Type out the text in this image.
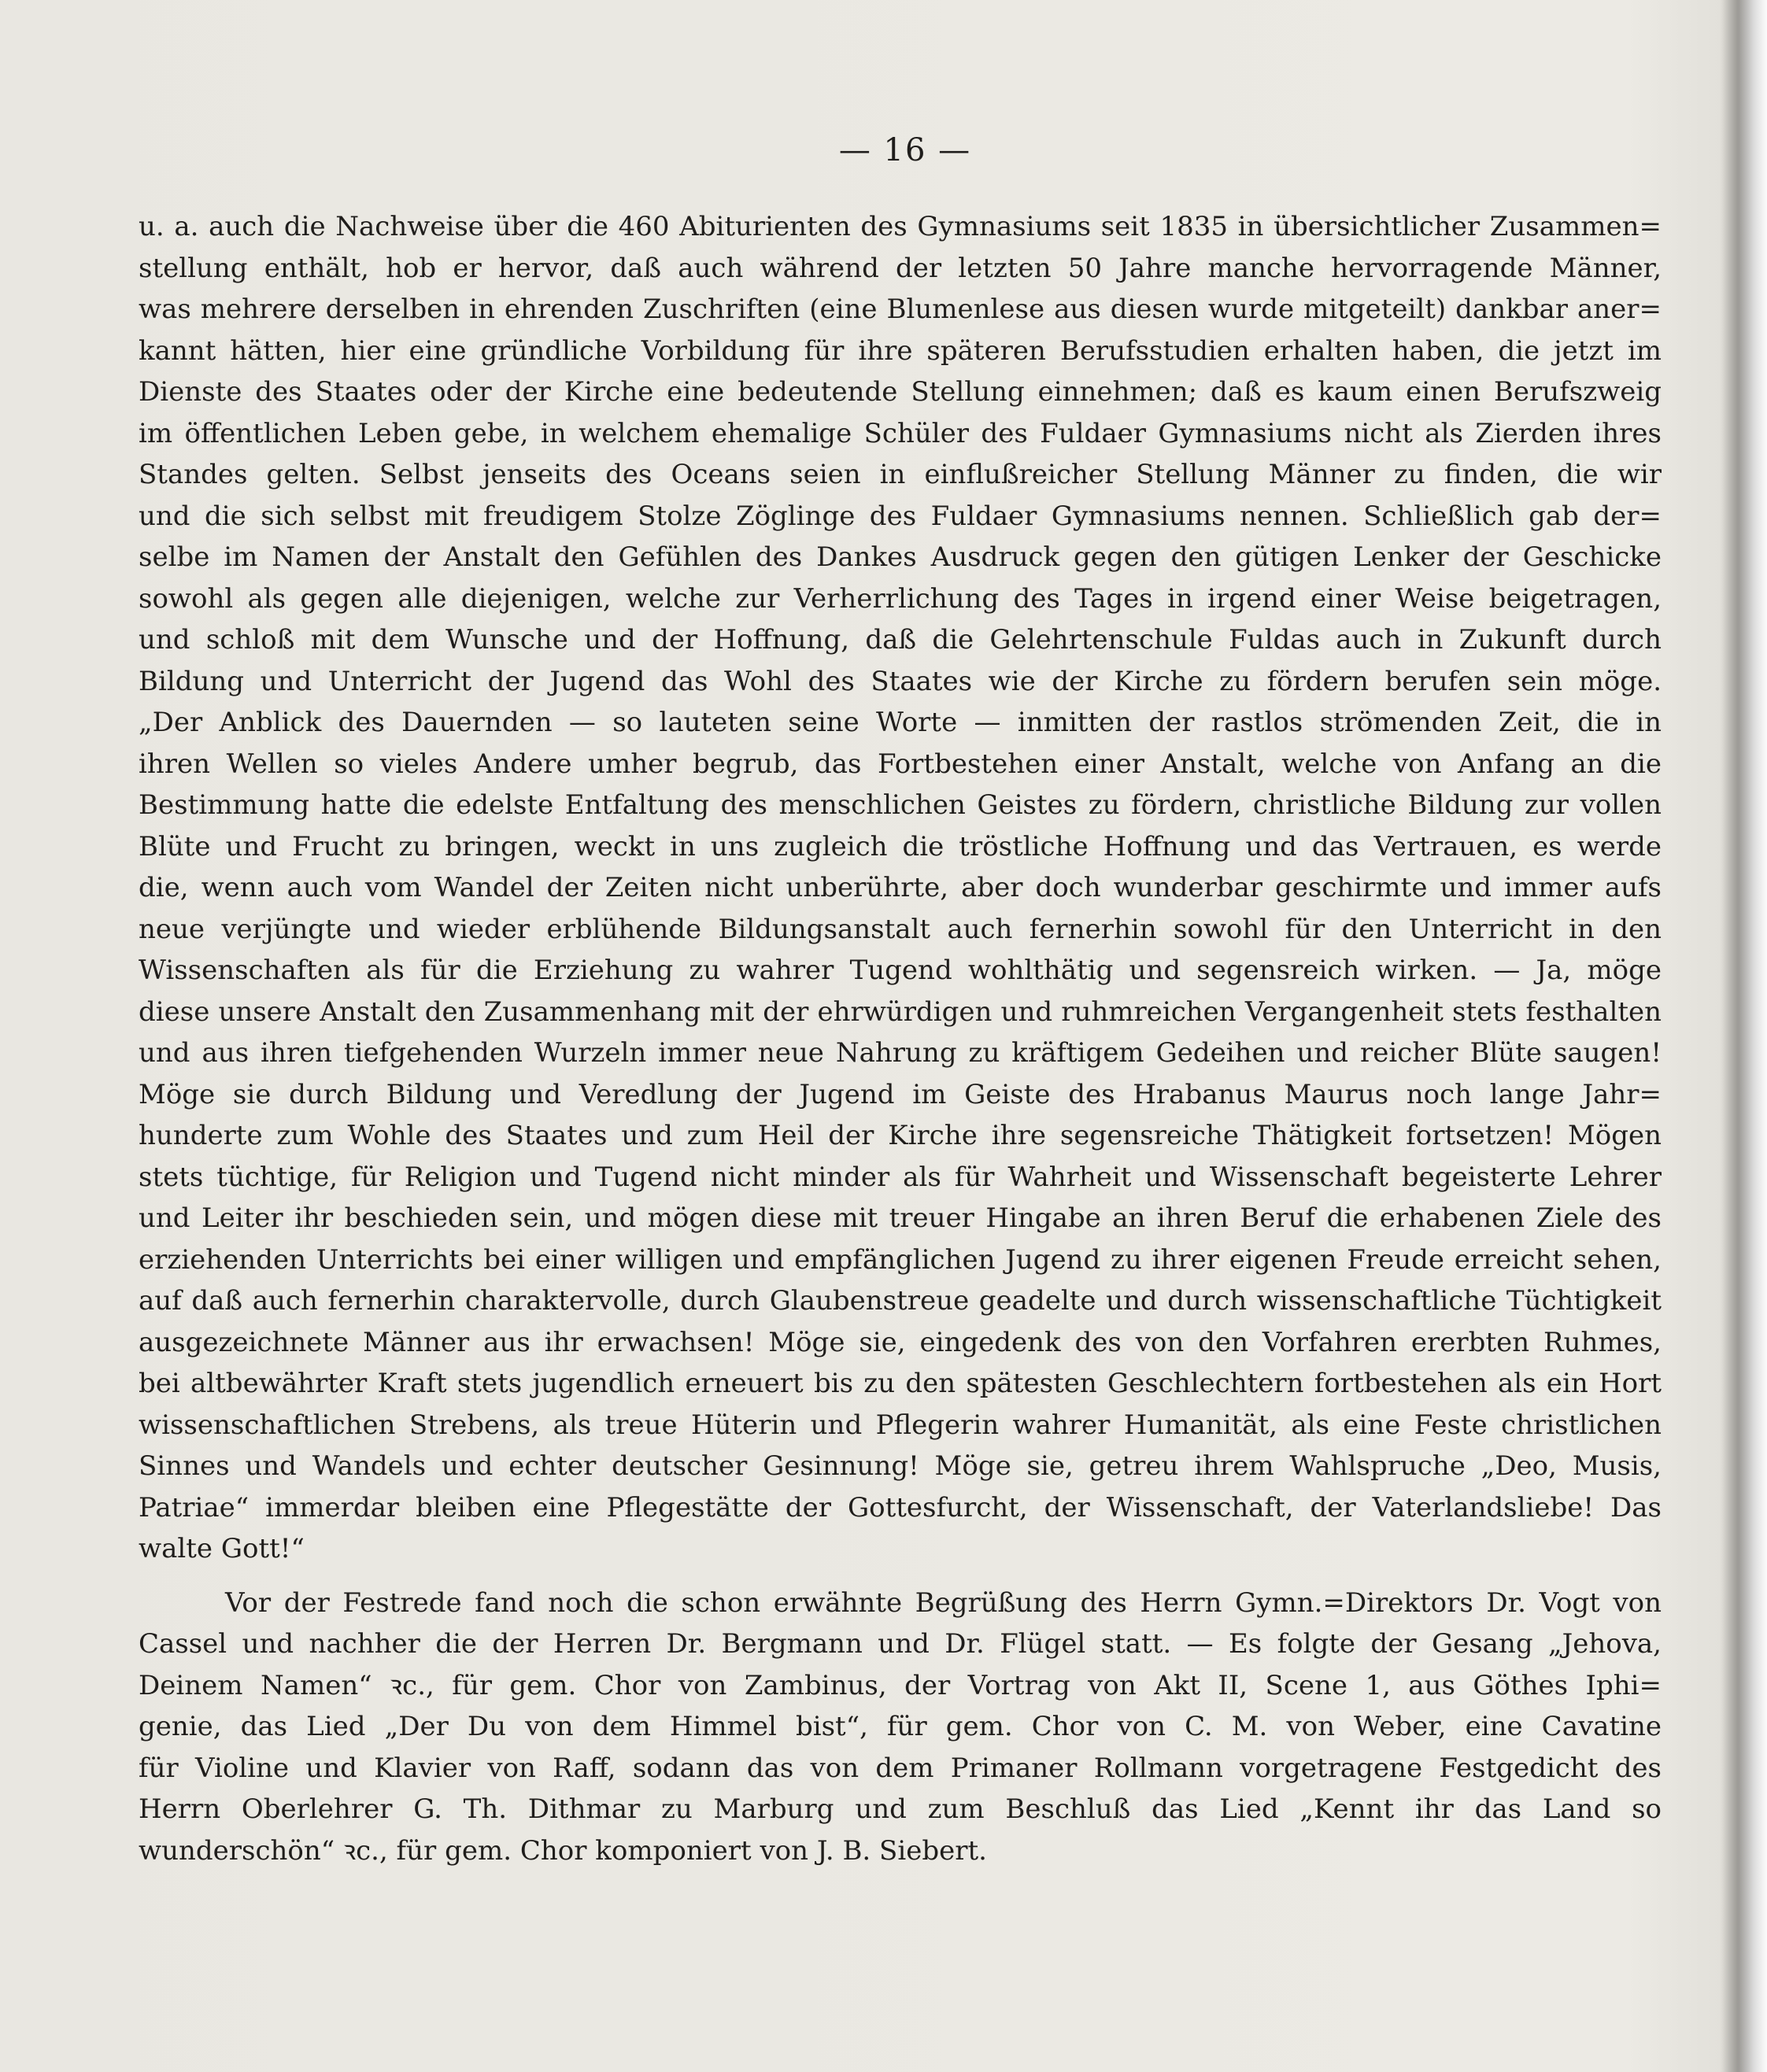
— 16 —
u. a. auch die Nachweise über die 460 Abiturienten des Gymnasiums seit 1835 in übersichtlicher Zusammen=
stellung enthält, hob er hervor, daß auch während der letzten 50 Jahre manche hervorragende Männer,
was mehrere derselben in ehrenden Zuschriften (eine Blumenlese aus diesen wurde mitgeteilt) dankbar aner=
kannt hätten, hier eine gründliche Vorbildung für ihre späteren Berufsstudien erhalten haben, die jetzt im
Dienste des Staates oder der Kirche eine bedeutende Stellung einnehmen; daß es kaum einen Berufszweig
im öffentlichen Leben gebe, in welchem ehemalige Schüler des Fuldaer Gymnasiums nicht als Zierden ihres
Standes gelten. Selbst jenseits des Oceans seien in einflußreicher Stellung Männer zu finden, die wir
und die sich selbst mit freudigem Stolze Zöglinge des Fuldaer Gymnasiums nennen. Schließlich gab der=
selbe im Namen der Anstalt den Gefühlen des Dankes Ausdruck gegen den gütigen Lenker der Geschicke
sowohl als gegen alle diejenigen, welche zur Verherrlichung des Tages in irgend einer Weise beigetragen,
und schloß mit dem Wunsche und der Hoffnung, daß die Gelehrtenschule Fuldas auch in Zukunft durch
Bildung und Unterricht der Jugend das Wohl des Staates wie der Kirche zu fördern berufen sein möge.
„Der Anblick des Dauernden — so lauteten seine Worte — inmitten der rastlos strömenden Zeit, die in
ihren Wellen so vieles Andere umher begrub, das Fortbestehen einer Anstalt, welche von Anfang an die
Bestimmung hatte die edelste Entfaltung des menschlichen Geistes zu fördern, christliche Bildung zur vollen
Blüte und Frucht zu bringen, weckt in uns zugleich die tröstliche Hoffnung und das Vertrauen, es werde
die, wenn auch vom Wandel der Zeiten nicht unberührte, aber doch wunderbar geschirmte und immer aufs
neue verjüngte und wieder erblühende Bildungsanstalt auch fernerhin sowohl für den Unterricht in den
Wissenschaften als für die Erziehung zu wahrer Tugend wohlthätig und segensreich wirken. — Ja, möge
diese unsere Anstalt den Zusammenhang mit der ehrwürdigen und ruhmreichen Vergangenheit stets festhalten
und aus ihren tiefgehenden Wurzeln immer neue Nahrung zu kräftigem Gedeihen und reicher Blüte saugen!
Möge sie durch Bildung und Veredlung der Jugend im Geiste des Hrabanus Maurus noch lange Jahr=
hunderte zum Wohle des Staates und zum Heil der Kirche ihre segensreiche Thätigkeit fortsetzen! Mögen
stets tüchtige, für Religion und Tugend nicht minder als für Wahrheit und Wissenschaft begeisterte Lehrer
und Leiter ihr beschieden sein, und mögen diese mit treuer Hingabe an ihren Beruf die erhabenen Ziele des
erziehenden Unterrichts bei einer willigen und empfänglichen Jugend zu ihrer eigenen Freude erreicht sehen,
auf daß auch fernerhin charaktervolle, durch Glaubenstreue geadelte und durch wissenschaftliche Tüchtigkeit
ausgezeichnete Männer aus ihr erwachsen! Möge sie, eingedenk des von den Vorfahren ererbten Ruhmes,
bei altbewährter Kraft stets jugendlich erneuert bis zu den spätesten Geschlechtern fortbestehen als ein Hort
wissenschaftlichen Strebens, als treue Hüterin und Pflegerin wahrer Humanität, als eine Feste christlichen
Sinnes und Wandels und echter deutscher Gesinnung! Möge sie, getreu ihrem Wahlspruche „Deo, Musis,
Patriae“ immerdar bleiben eine Pflegestätte der Gottesfurcht, der Wissenschaft, der Vaterlandsliebe! Das
walte Gott!“
Vor der Festrede fand noch die schon erwähnte Begrüßung des Herrn Gymn.=Direktors Dr. Vogt von
Cassel und nachher die der Herren Dr. Bergmann und Dr. Flügel statt. — Es folgte der Gesang „Jehova,
Deinem Namen“ ꝛc., für gem. Chor von Zambinus, der Vortrag von Akt II, Scene 1, aus Göthes Iphi=
genie, das Lied „Der Du von dem Himmel bist“, für gem. Chor von C. M. von Weber, eine Cavatine
für Violine und Klavier von Raff, sodann das von dem Primaner Rollmann vorgetragene Festgedicht des
Herrn Oberlehrer G. Th. Dithmar zu Marburg und zum Beschluß das Lied „Kennt ihr das Land so
wunderschön“ ꝛc., für gem. Chor komponiert von J. B. Siebert.
